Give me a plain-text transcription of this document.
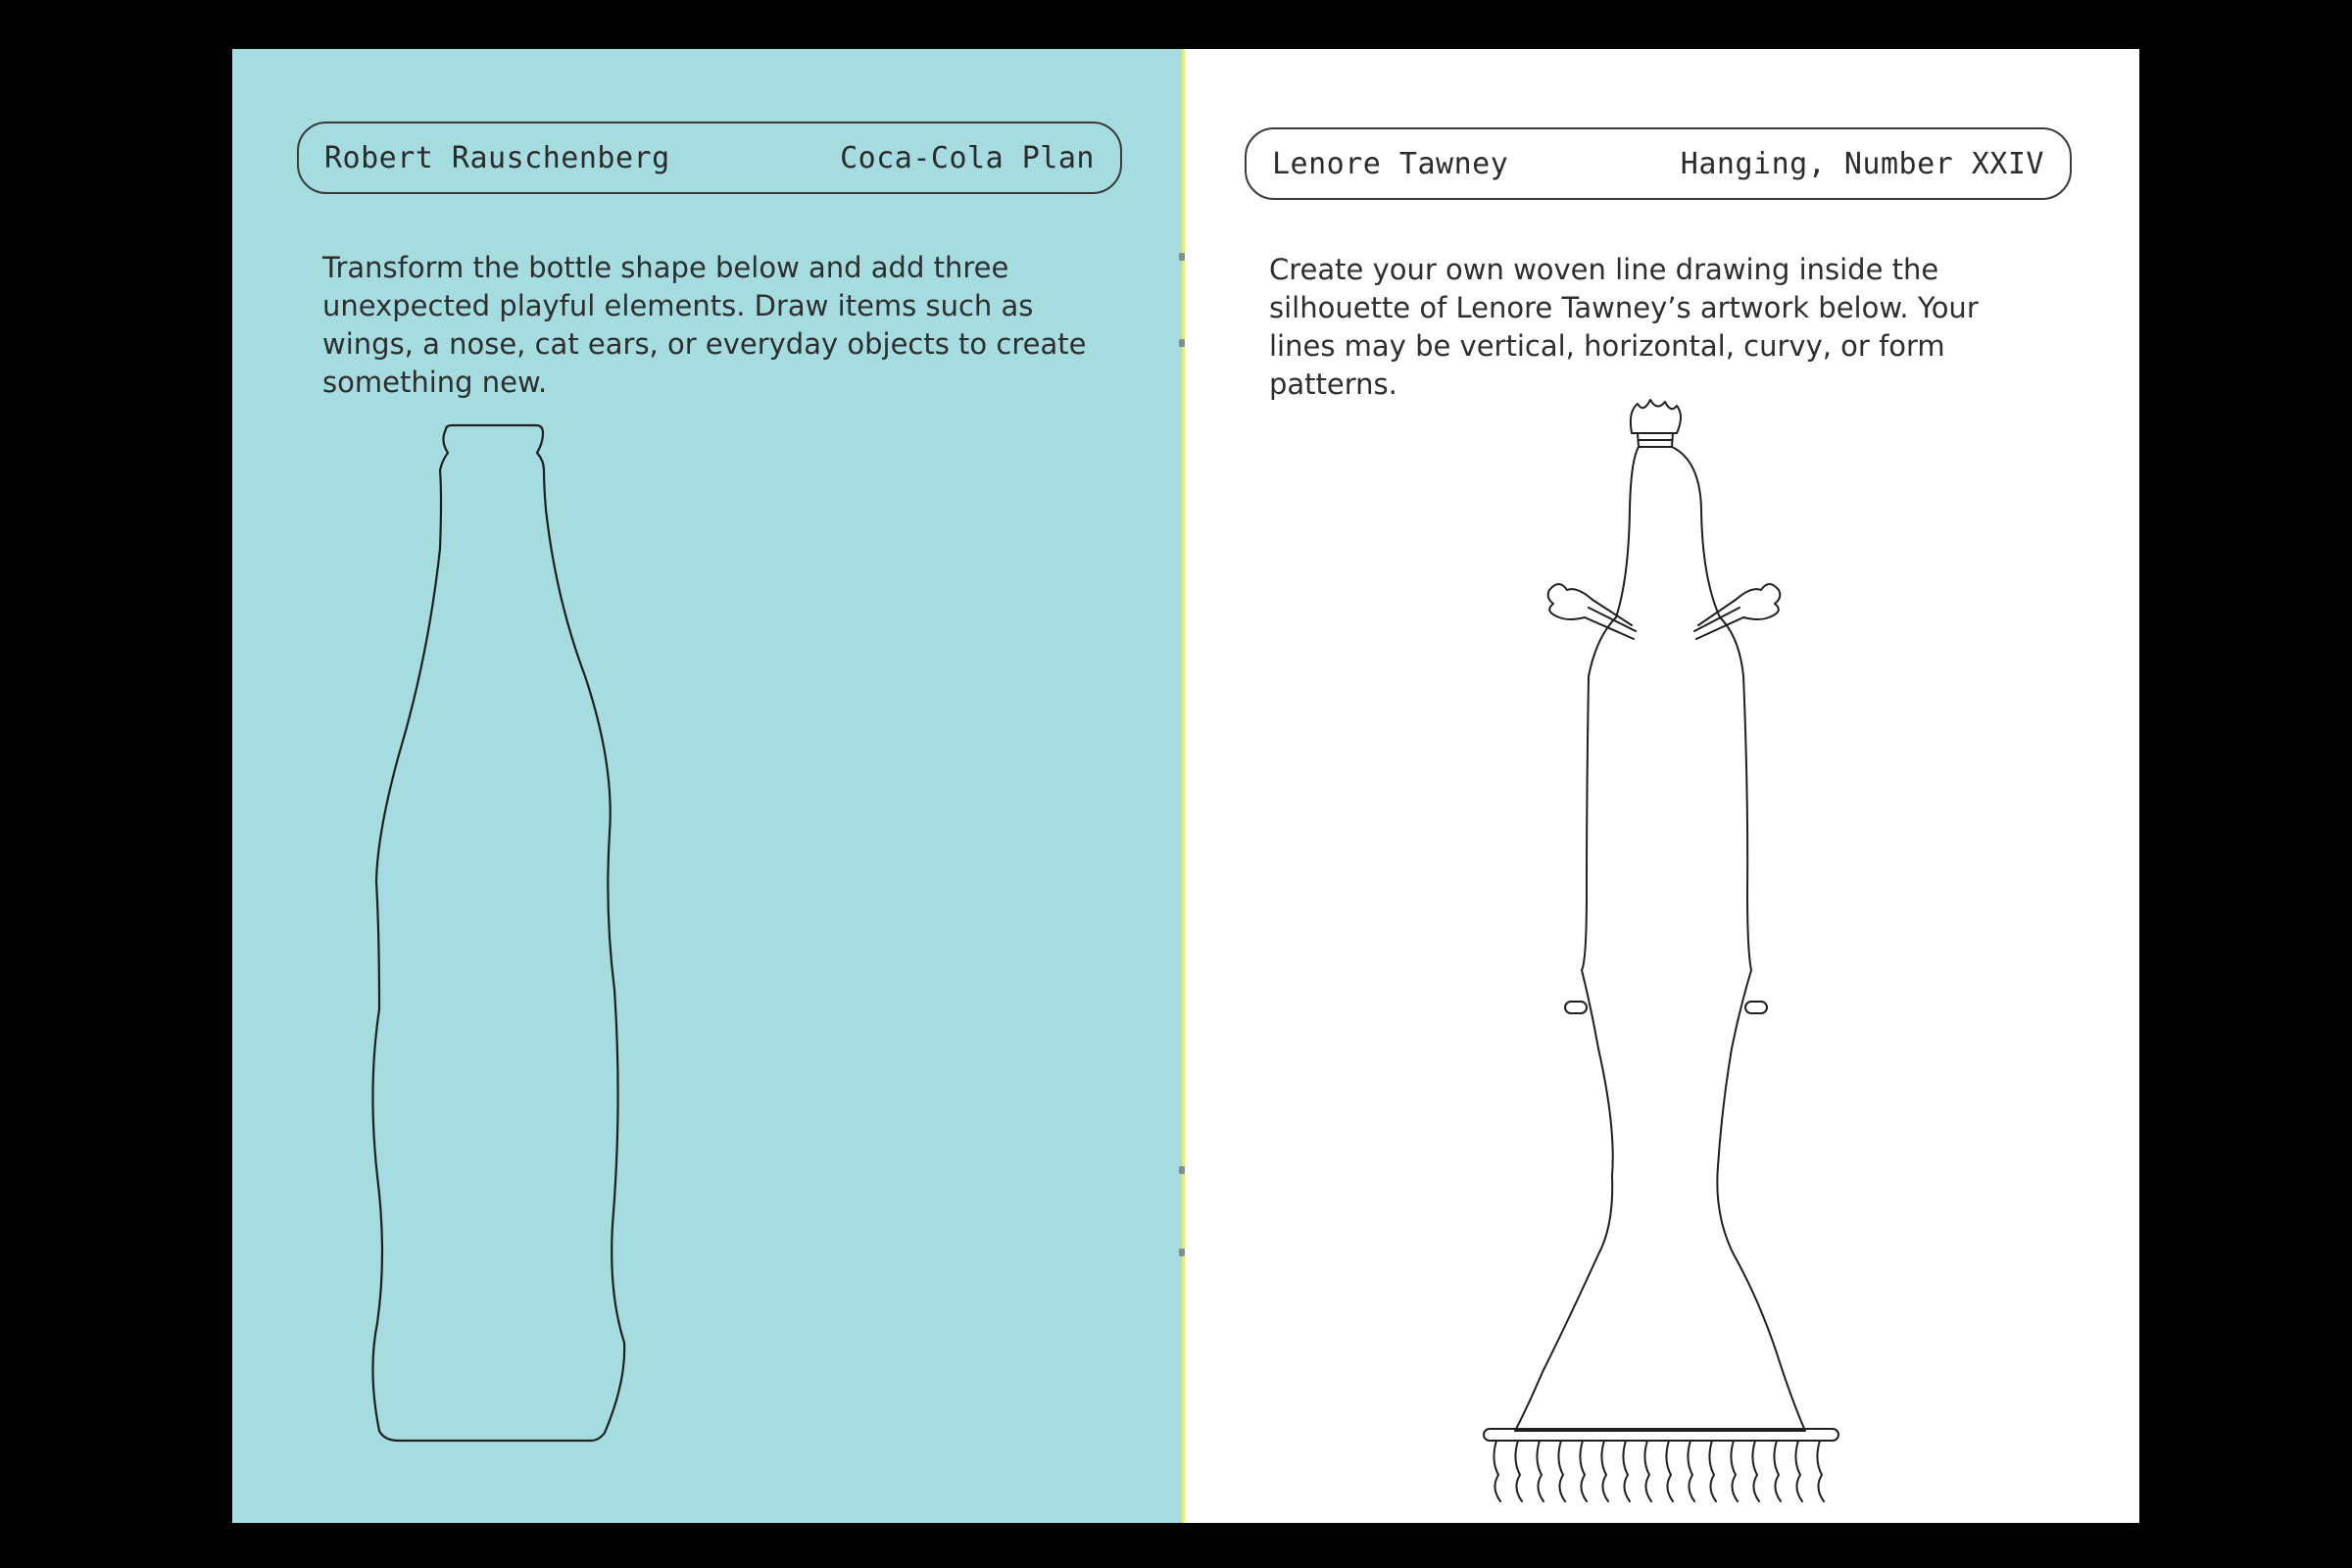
Robert Rauschenberg	Coca-Cola Plan

Transform the bottle shape below and add three unexpected playful elements. Draw items such as wings, a nose, cat ears, or everyday objects to create something new.

Lenore Tawney	Hanging, Number XXIV

Create your own woven line drawing inside the silhouette of Lenore Tawney’s artwork below. Your lines may be vertical, horizontal, curvy, or form patterns.
